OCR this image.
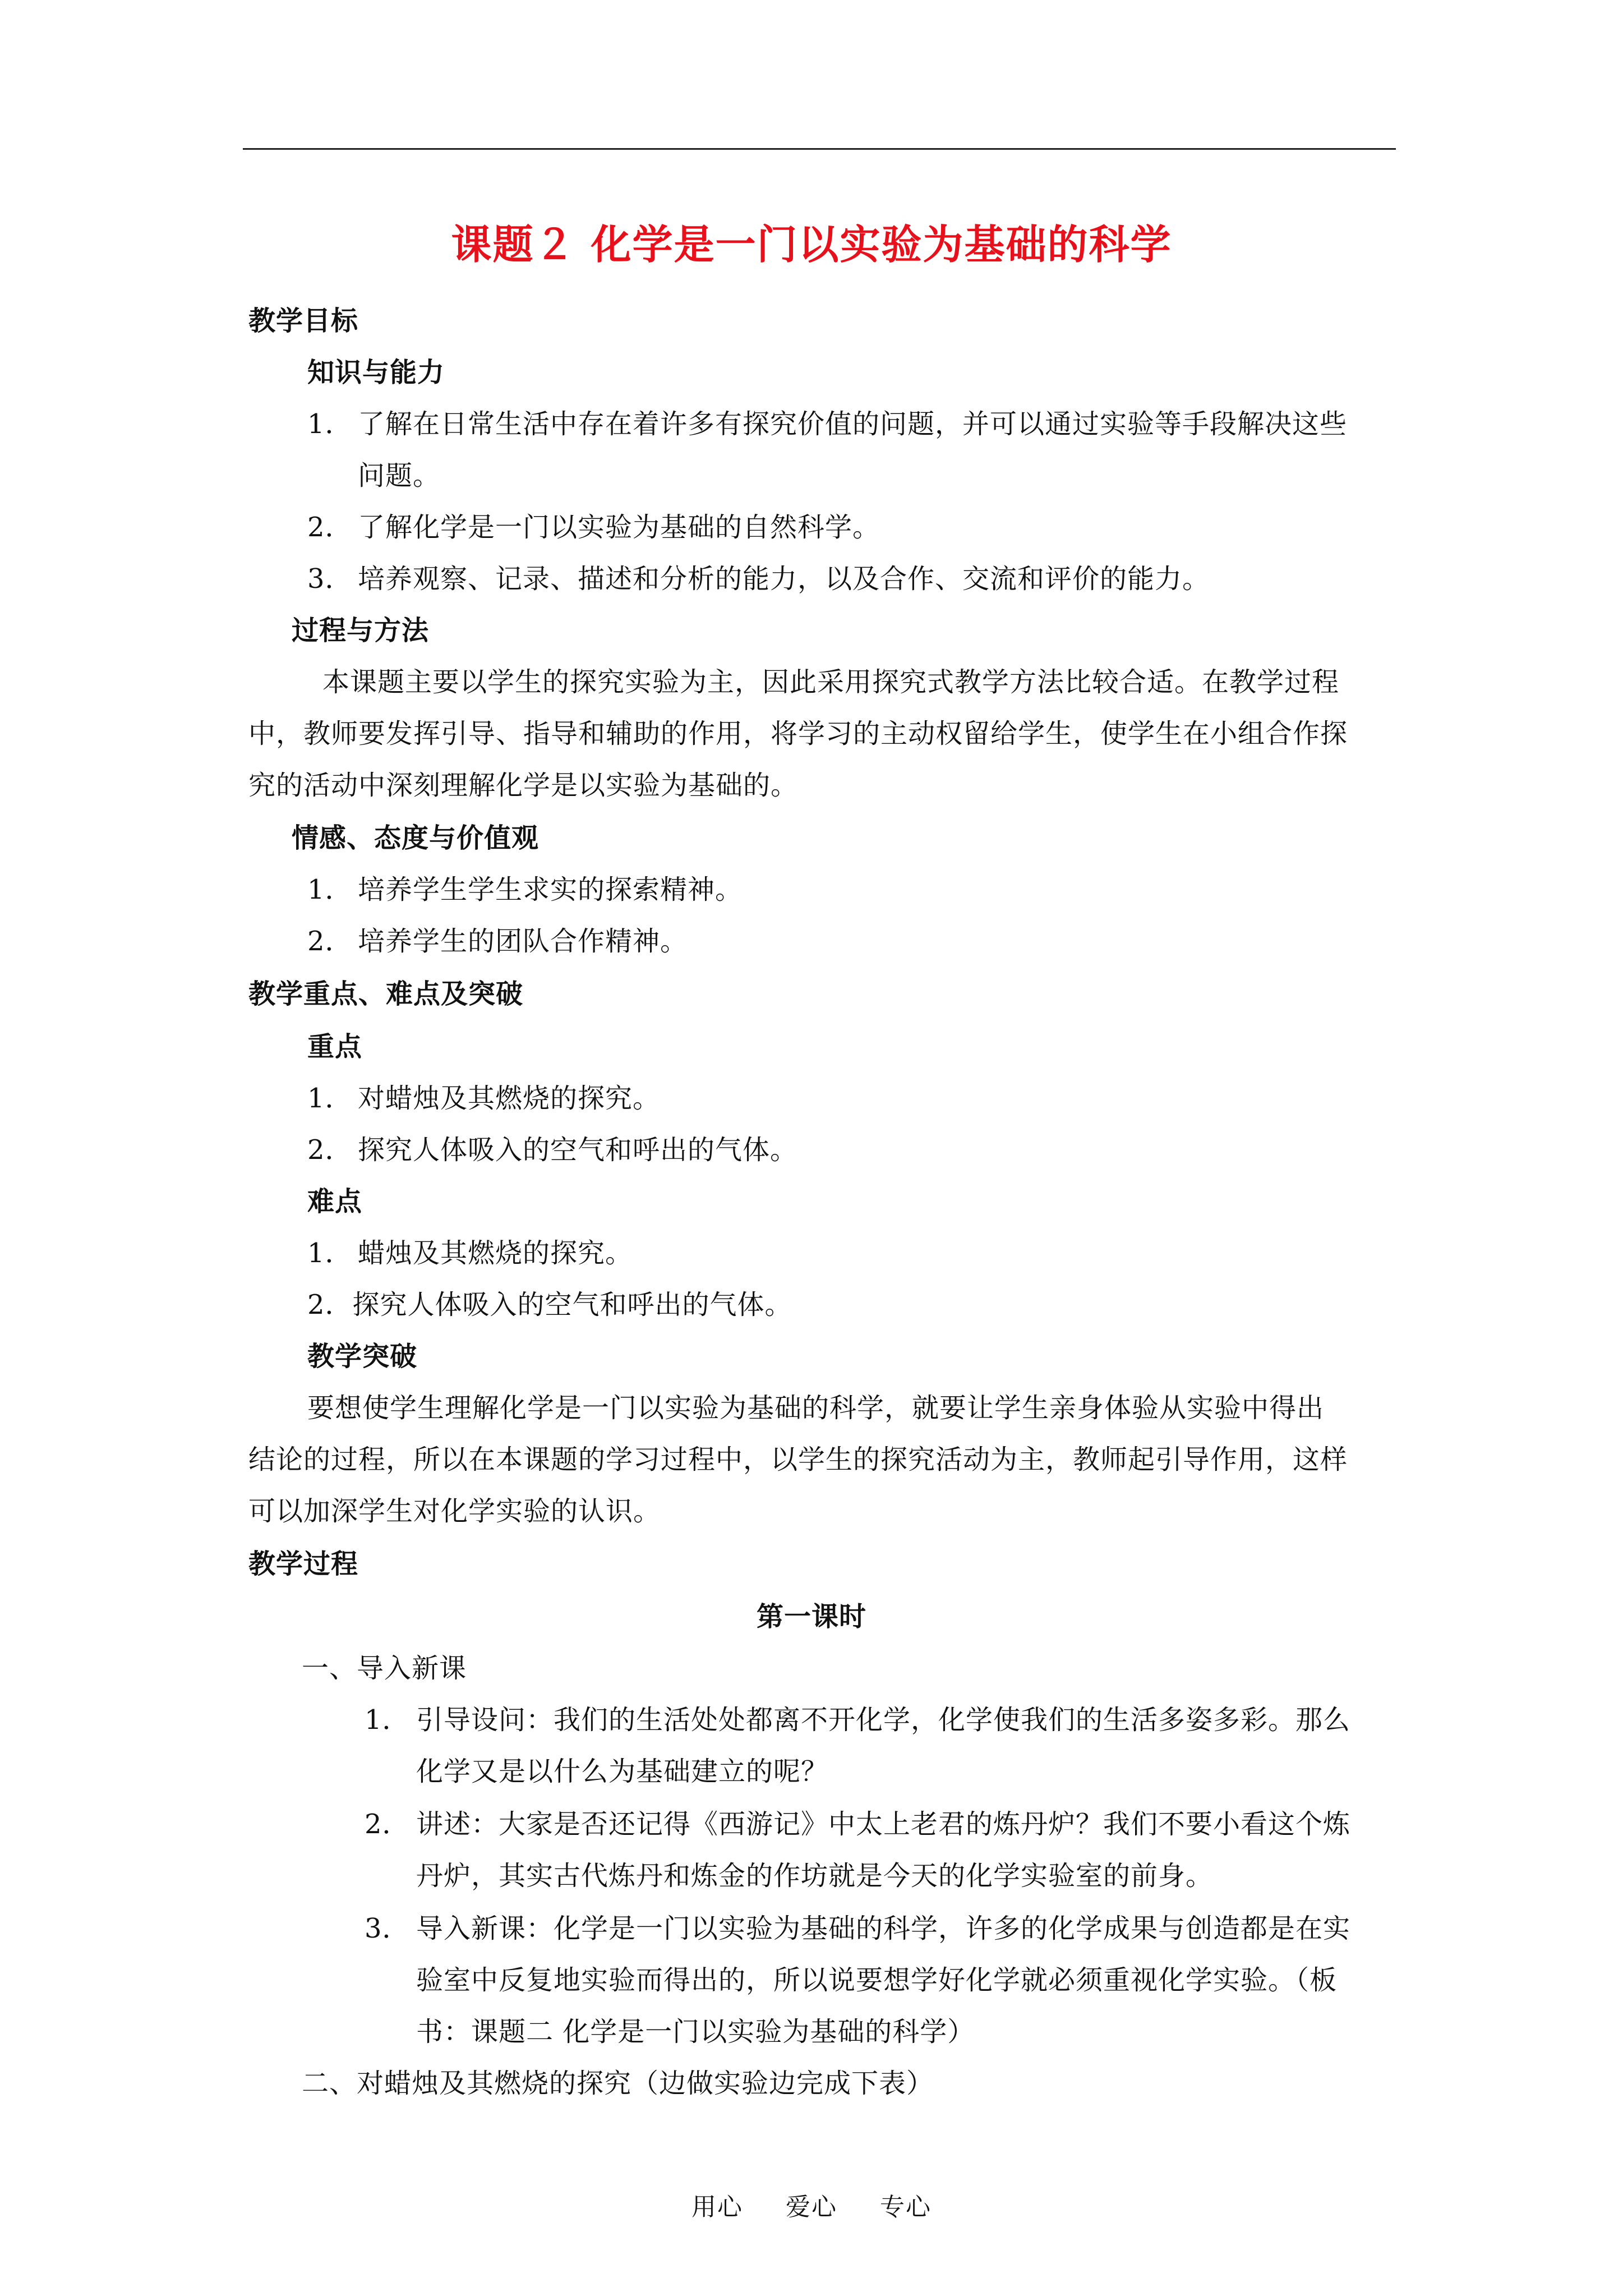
课题２ 化学是一门以实验为基础的科学
教学目标
知识与能力
1． 了解在日常生活中存在着许多有探究价值的问题，并可以通过实验等手段解决这些
问题。
2． 了解化学是一门以实验为基础的自然科学。
3． 培养观察、记录、描述和分析的能力，以及合作、交流和评价的能力。
过程与方法
本课题主要以学生的探究实验为主，因此采用探究式教学方法比较合适。在教学过程
中，教师要发挥引导、指导和辅助的作用，将学习的主动权留给学生，使学生在小组合作探
究的活动中深刻理解化学是以实验为基础的。
情感、态度与价值观
1． 培养学生学生求实的探索精神。
2． 培养学生的团队合作精神。
教学重点、难点及突破
重点
1． 对蜡烛及其燃烧的探究。
2． 探究人体吸入的空气和呼出的气体。
难点
1． 蜡烛及其燃烧的探究。
2．探究人体吸入的空气和呼出的气体。
教学突破
要想使学生理解化学是一门以实验为基础的科学，就要让学生亲身体验从实验中得出
结论的过程，所以在本课题的学习过程中，以学生的探究活动为主，教师起引导作用，这样
可以加深学生对化学实验的认识。
教学过程
第一课时
一、导入新课
1． 引导设问：我们的生活处处都离不开化学，化学使我们的生活多姿多彩。那么
化学又是以什么为基础建立的呢？
2． 讲述：大家是否还记得《西游记》中太上老君的炼丹炉？我们不要小看这个炼
丹炉，其实古代炼丹和炼金的作坊就是今天的化学实验室的前身。
3． 导入新课：化学是一门以实验为基础的科学，许多的化学成果与创造都是在实
验室中反复地实验而得出的，所以说要想学好化学就必须重视化学实验。（板
书：课题二 化学是一门以实验为基础的科学）
二、对蜡烛及其燃烧的探究（边做实验边完成下表）
用心 爱心 专心
